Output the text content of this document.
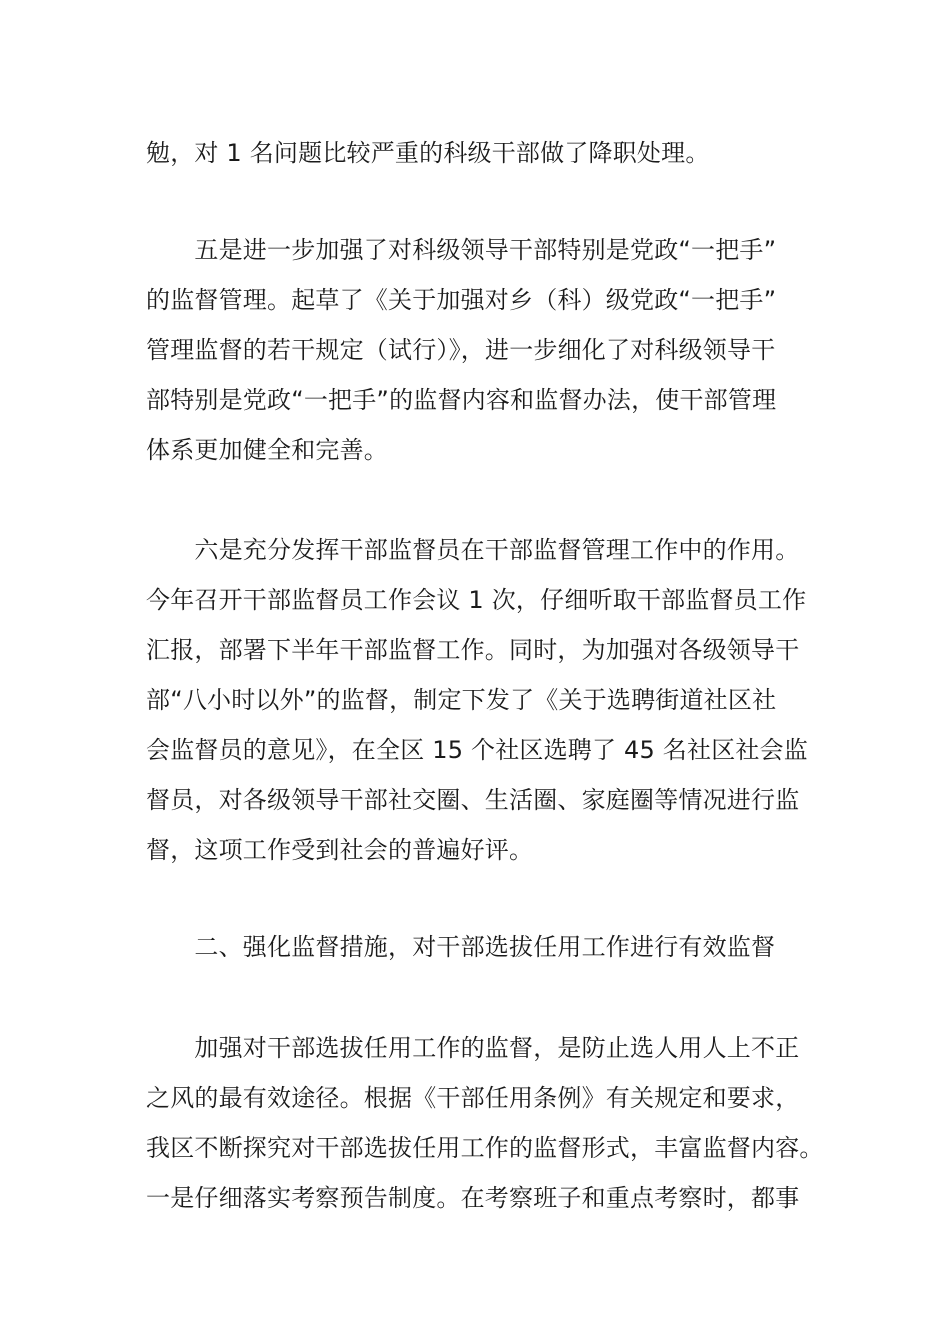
勉，对 1 名问题比较严重的科级干部做了降职处理。
　　五是进一步加强了对科级领导干部特别是党政“一把手”
的监督管理。起草了《关于加强对乡（科）级党政“一把手”
管理监督的若干规定（试行）》，进一步细化了对科级领导干
部特别是党政“一把手”的监督内容和监督办法，使干部管理
体系更加健全和完善。
　　六是充分发挥干部监督员在干部监督管理工作中的作用。
今年召开干部监督员工作会议 1 次，仔细听取干部监督员工作
汇报，部署下半年干部监督工作。同时，为加强对各级领导干
部“八小时以外”的监督，制定下发了《关于选聘街道社区社
会监督员的意见》，在全区 15 个社区选聘了 45 名社区社会监
督员，对各级领导干部社交圈、生活圈、家庭圈等情况进行监
督，这项工作受到社会的普遍好评。
　　二、强化监督措施，对干部选拔任用工作进行有效监督
　　加强对干部选拔任用工作的监督，是防止选人用人上不正
之风的最有效途径。根据《干部任用条例》有关规定和要求，
我区不断探究对干部选拔任用工作的监督形式，丰富监督内容。
一是仔细落实考察预告制度。在考察班子和重点考察时，都事
